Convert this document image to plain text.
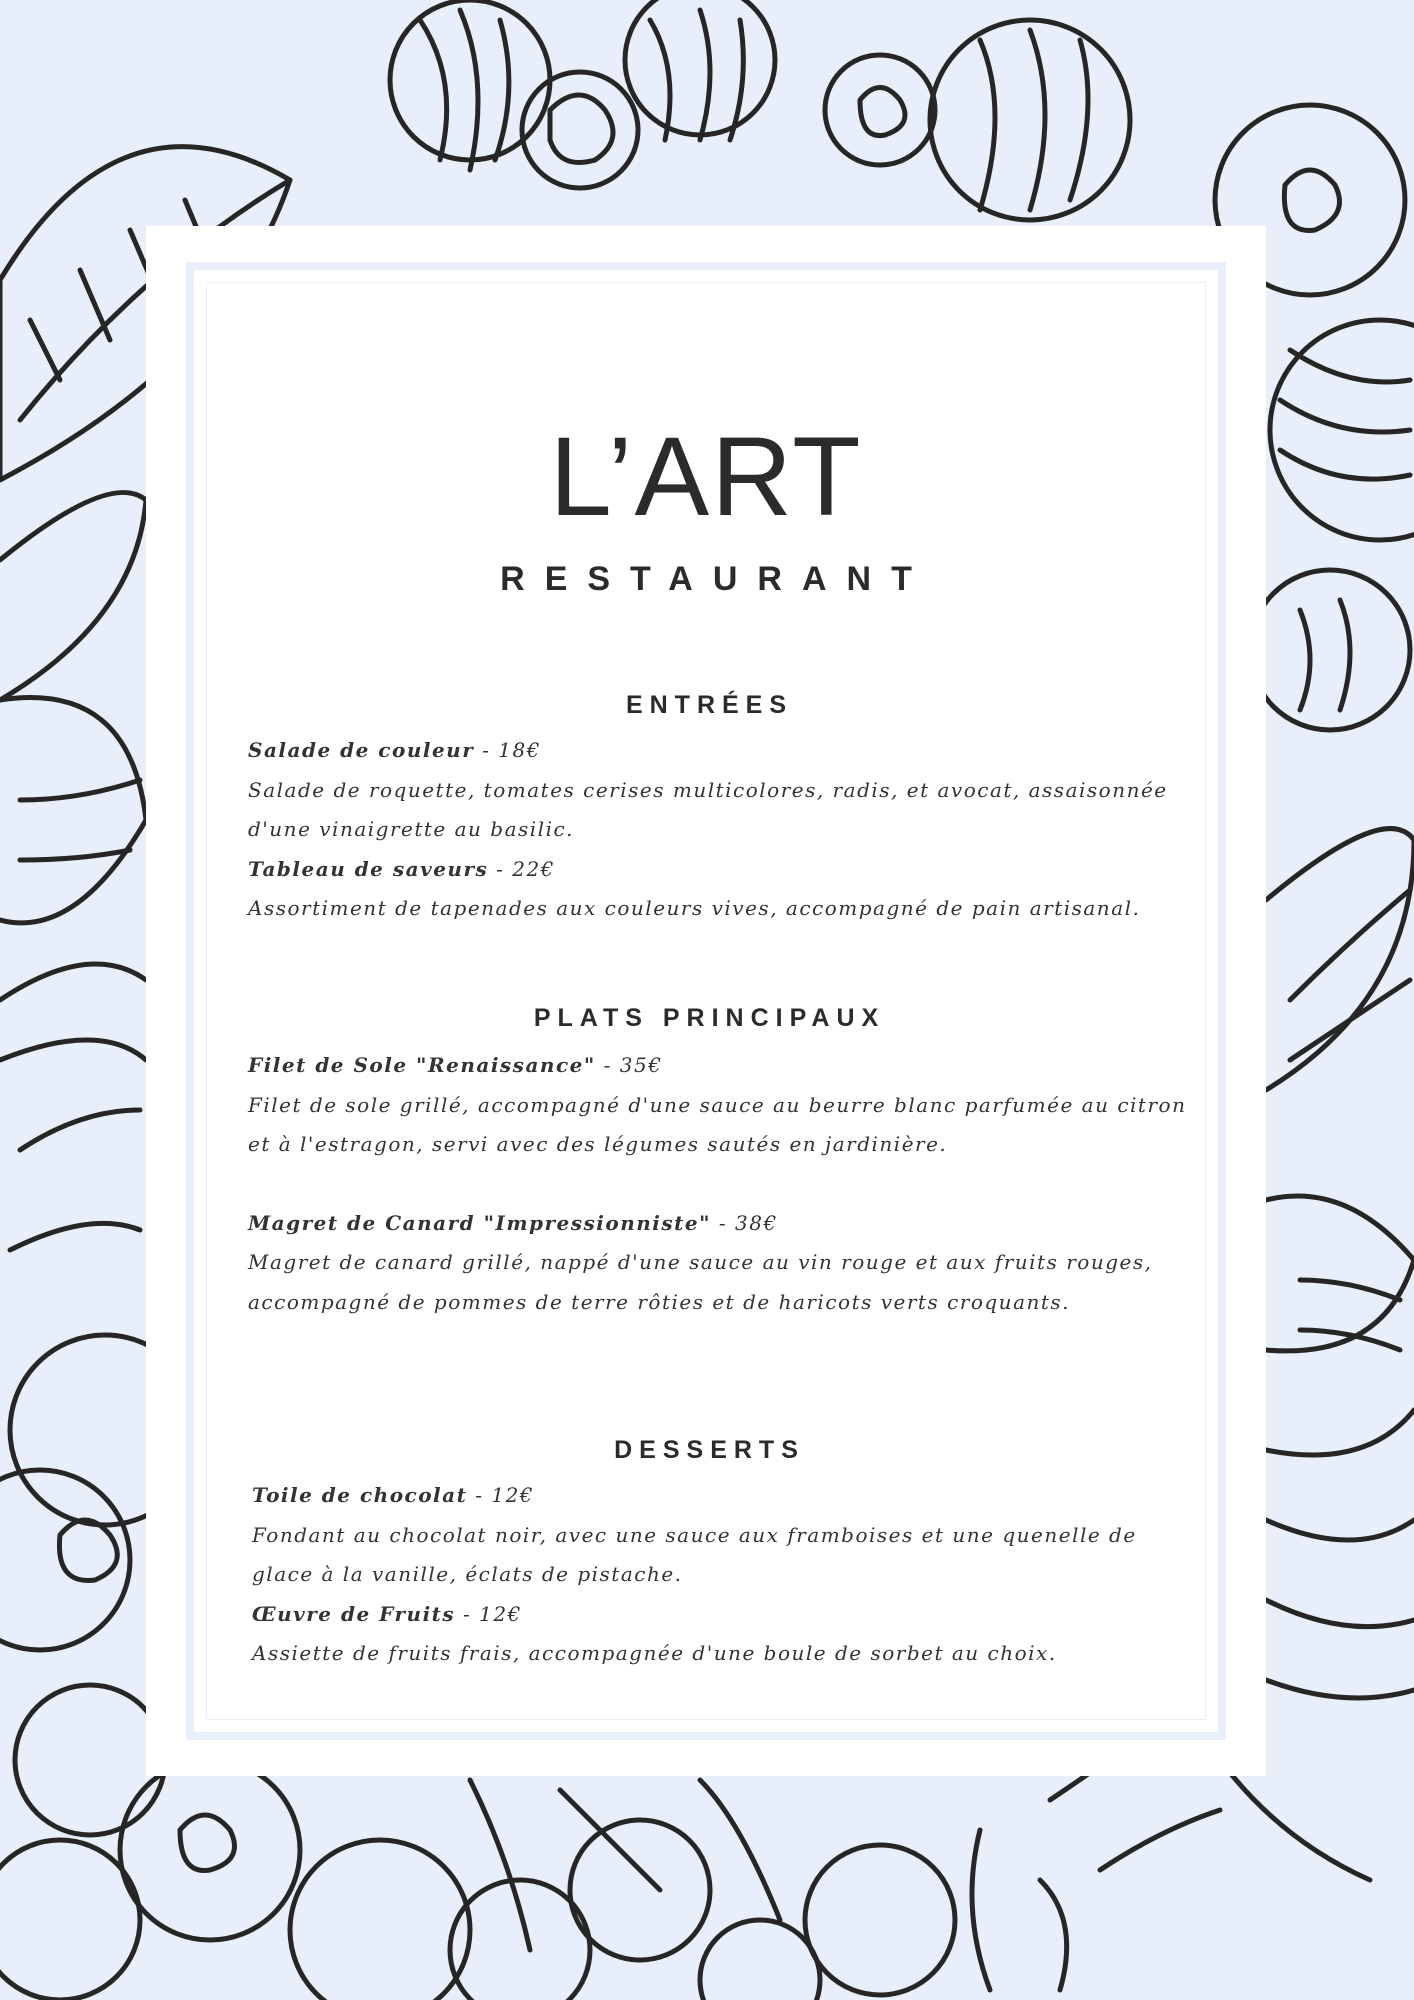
L’ART
RESTAURANT
ENTRÉES
Salade de couleur - 18€
Salade de roquette, tomates cerises multicolores, radis, et avocat, assaisonnée
d'une vinaigrette au basilic.
Tableau de saveurs - 22€
Assortiment de tapenades aux couleurs vives, accompagné de pain artisanal.
PLATS PRINCIPAUX
Filet de Sole "Renaissance" - 35€
Filet de sole grillé, accompagné d'une sauce au beurre blanc parfumée au citron
et à l'estragon, servi avec des légumes sautés en jardinière.
Magret de Canard "Impressionniste" - 38€
Magret de canard grillé, nappé d'une sauce au vin rouge et aux fruits rouges,
accompagné de pommes de terre rôties et de haricots verts croquants.
DESSERTS
Toile de chocolat - 12€
Fondant au chocolat noir, avec une sauce aux framboises et une quenelle de
glace à la vanille, éclats de pistache.
Œuvre de Fruits - 12€
Assiette de fruits frais, accompagnée d'une boule de sorbet au choix.
